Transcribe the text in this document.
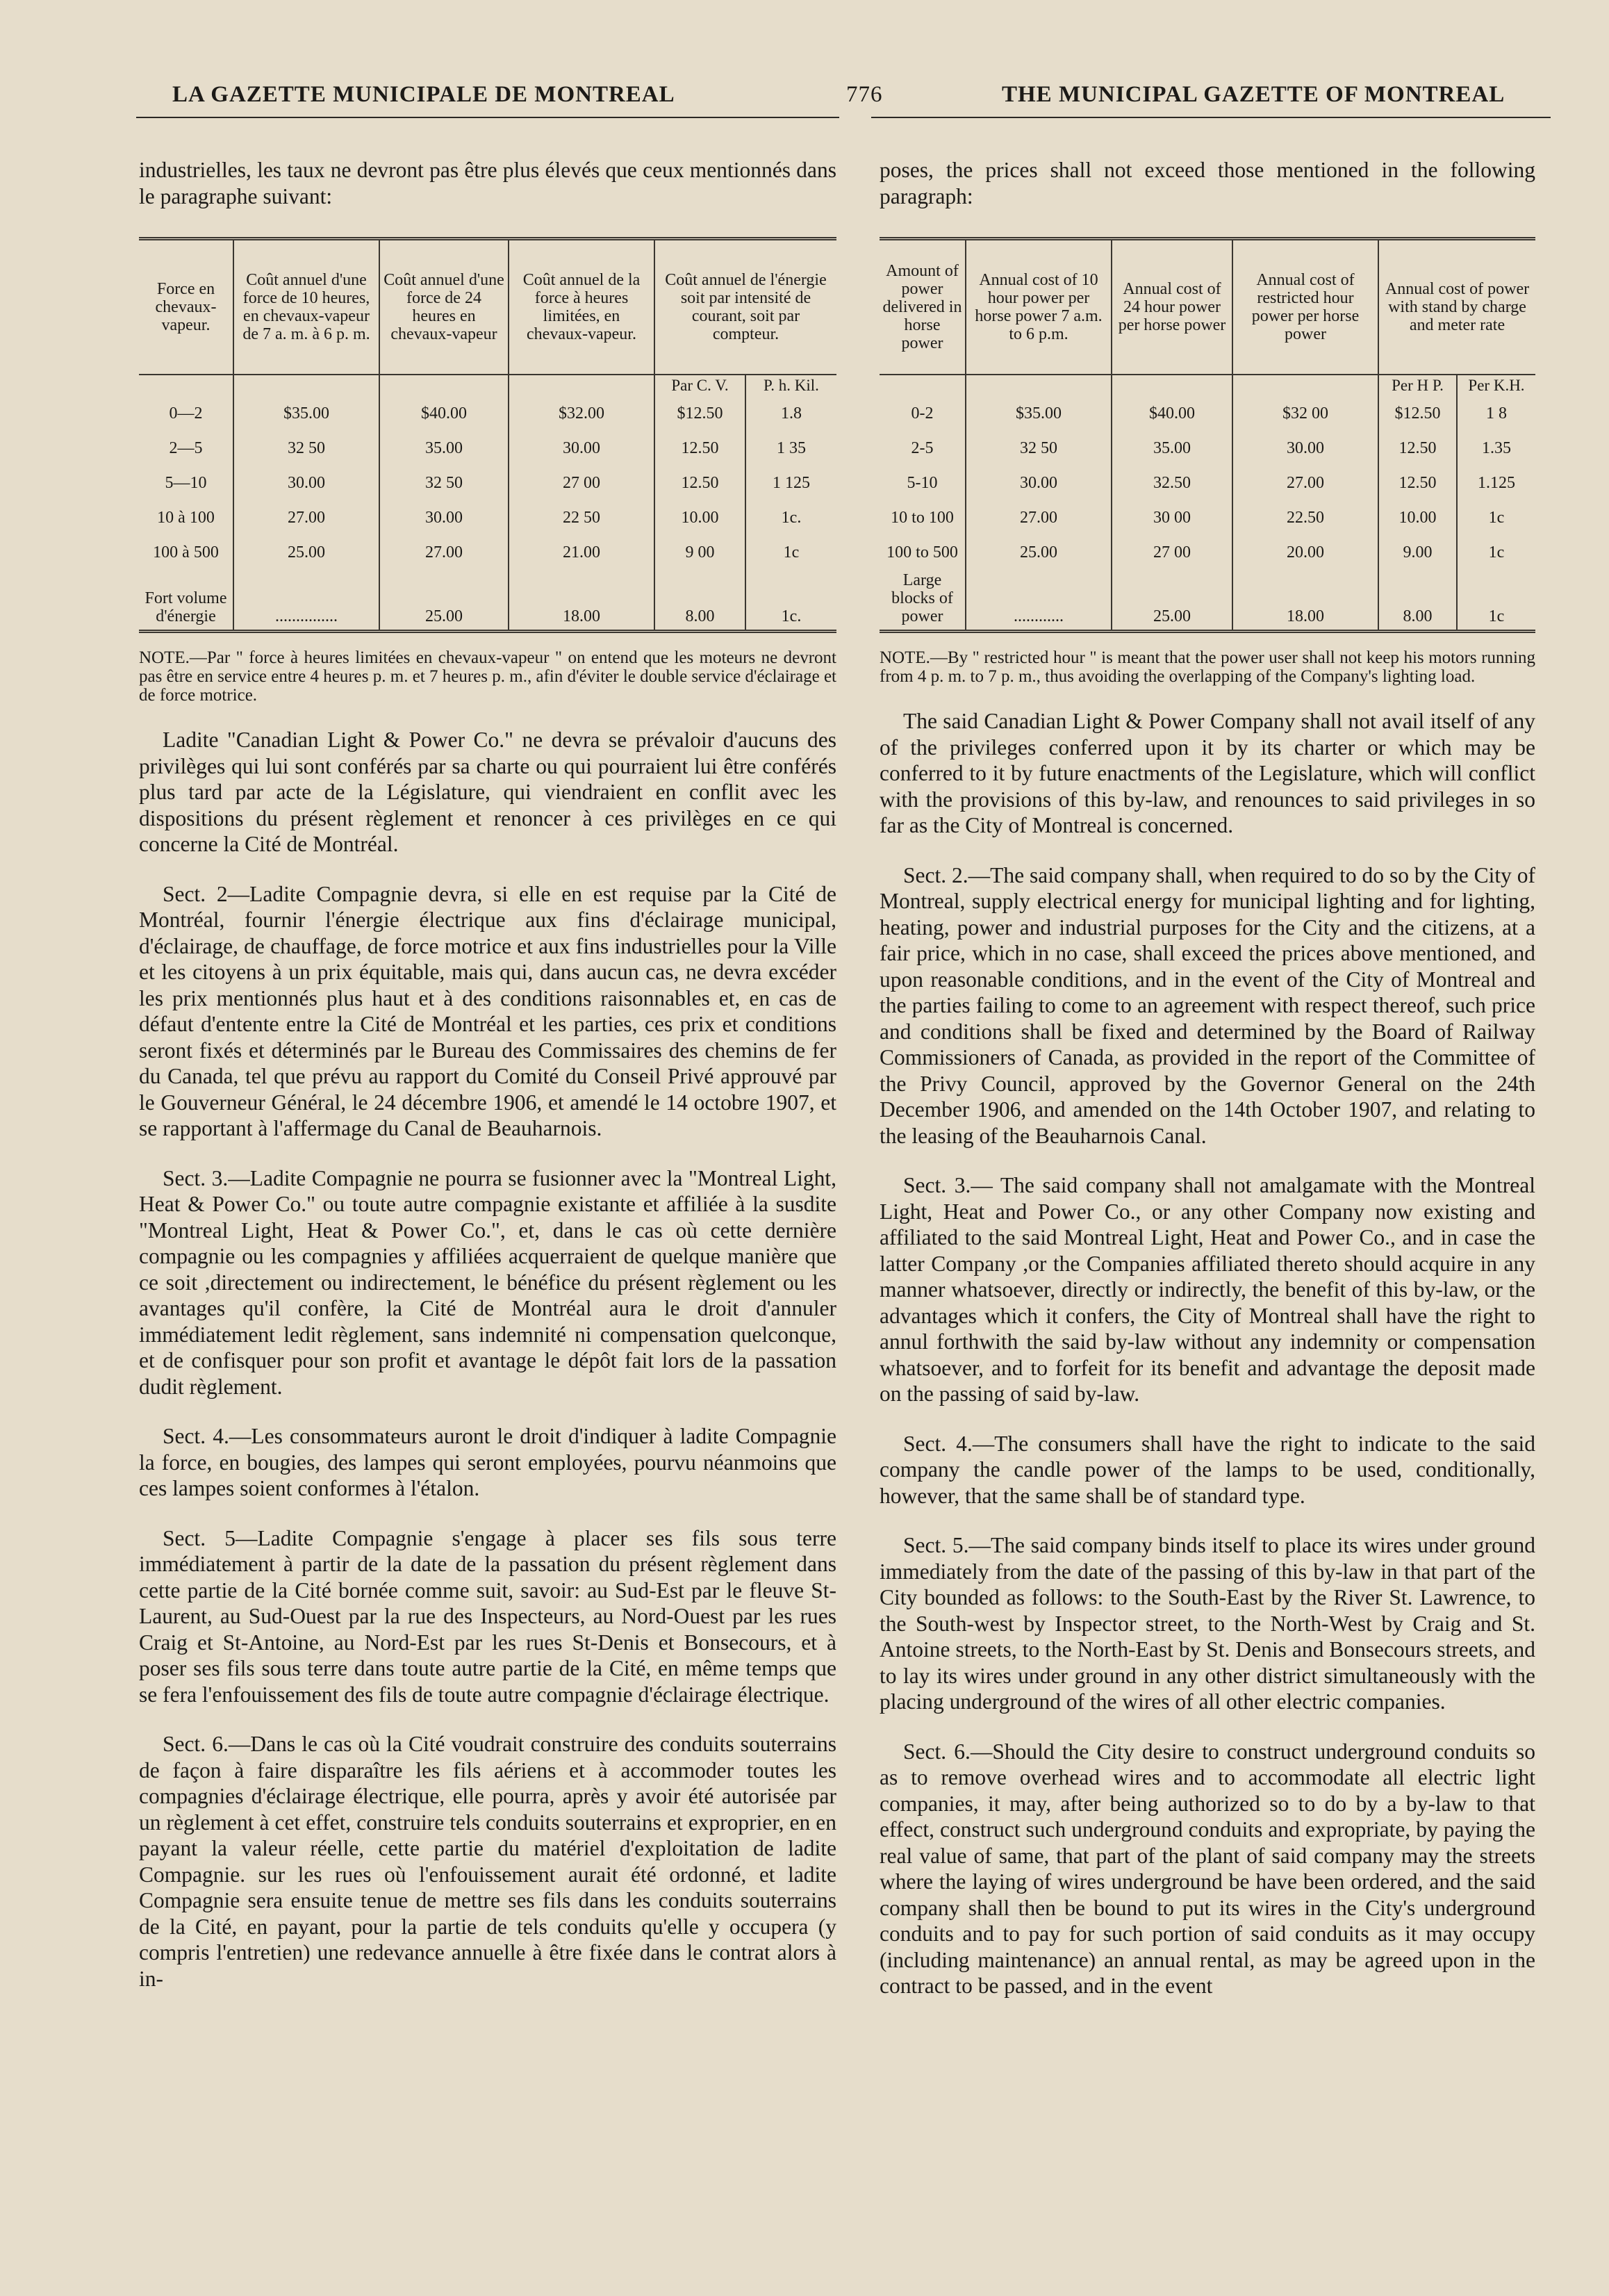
LA GAZETTE MUNICIPALE DE MONTREAL	776	THE MUNICIPAL GAZETTE OF MONTREAL

industrielles, les taux ne devront pas être plus élevés que ceux mentionnés dans le paragraphe suivant:

Force en chevaux-vapeur.	Coût annuel d'une force de 10 heures, en chevaux-vapeur de 7 a. m. à 6 p. m.	Coût annuel d'une force de 24 heures en chevaux-vapeur	Coût annuel de la force à heures limitées, en chevaux-vapeur.	Coût annuel de l'énergie soit par intensité de courant, soit par compteur.	
				Par C. V.	P. h. Kil.
0—2	$35.00	$40.00	$32.00	$12.50	1.8
2—5	32 50	35.00	30.00	12.50	1 35
5—10	30.00	32 50	27 00	12.50	1 125
10 à 100	27.00	30.00	22 50	10.00	1c.
100 à 500	25.00	27.00	21.00	9 00	1c
Fort volume d'énergie	...............	25.00	18.00	8.00	1c.
NOTE.—Par " force à heures limitées en chevaux-vapeur " on entend que les moteurs ne devront pas être en service entre 4 heures p. m. et 7 heures p. m., afin d'éviter le double service d'éclairage et de force motrice.

Ladite "Canadian Light & Power Co." ne devra se prévaloir d'aucuns des privilèges qui lui sont conférés par sa charte ou qui pourraient lui être conférés plus tard par acte de la Législature, qui viendraient en conflit avec les dispositions du présent règlement et renoncer à ces privilèges en ce qui concerne la Cité de Montréal.

Sect. 2—Ladite Compagnie devra, si elle en est requise par la Cité de Montréal, fournir l'énergie électrique aux fins d'éclairage municipal, d'éclairage, de chauffage, de force motrice et aux fins industrielles pour la Ville et les citoyens à un prix équitable, mais qui, dans aucun cas, ne devra excéder les prix mentionnés plus haut et à des conditions raisonnables et, en cas de défaut d'entente entre la Cité de Montréal et les parties, ces prix et conditions seront fixés et déterminés par le Bureau des Commissaires des chemins de fer du Canada, tel que prévu au rapport du Comité du Conseil Privé approuvé par le Gouverneur Général, le 24 décembre 1906, et amendé le 14 octobre 1907, et se rapportant à l'affermage du Canal de Beauharnois.

Sect. 3.—Ladite Compagnie ne pourra se fusionner avec la "Montreal Light, Heat & Power Co." ou toute autre compagnie existante et affiliée à la susdite "Montreal Light, Heat & Power Co.", et, dans le cas où cette dernière compagnie ou les compagnies y affiliées acquerraient de quelque manière que ce soit ,directement ou indirectement, le bénéfice du présent règlement ou les avantages qu'il confère, la Cité de Montréal aura le droit d'annuler immédiatement ledit règlement, sans indemnité ni compensation quelconque, et de confisquer pour son profit et avantage le dépôt fait lors de la passation dudit règlement.

Sect. 4.—Les consommateurs auront le droit d'indiquer à ladite Compagnie la force, en bougies, des lampes qui seront employées, pourvu néanmoins que ces lampes soient conformes à l'étalon.

Sect. 5—Ladite Compagnie s'engage à placer ses fils sous terre immédiatement à partir de la date de la passation du présent règlement dans cette partie de la Cité bornée comme suit, savoir: au Sud-Est par le fleuve St-Laurent, au Sud-Ouest par la rue des Inspecteurs, au Nord-Ouest par les rues Craig et St-Antoine, au Nord-Est par les rues St-Denis et Bonsecours, et à poser ses fils sous terre dans toute autre partie de la Cité, en même temps que se fera l'enfouissement des fils de toute autre compagnie d'éclairage électrique.

Sect. 6.—Dans le cas où la Cité voudrait construire des conduits souterrains de façon à faire disparaître les fils aériens et à accommoder toutes les compagnies d'éclairage électrique, elle pourra, après y avoir été autorisée par un règlement à cet effet, construire tels conduits souterrains et exproprier, en en payant la valeur réelle, cette partie du matériel d'exploitation de ladite Compagnie. sur les rues où l'enfouissement aurait été ordonné, et ladite Compagnie sera ensuite tenue de mettre ses fils dans les conduits souterrains de la Cité, en payant, pour la partie de tels conduits qu'elle y occupera (y compris l'entretien) une redevance annuelle à être fixée dans le contrat alors à in-

poses, the prices shall not exceed those mentioned in the following paragraph:

Amount of power delivered in horse power	Annual cost of 10 hour power per horse power 7 a.m. to 6 p.m.	Annual cost of 24 hour power per horse power	Annual cost of restricted hour power per horse power	Annual cost of power with stand by charge and meter rate	
				Per H P.	Per K.H.
0-2	$35.00	$40.00	$32 00	$12.50	1 8
2-5	32 50	35.00	30.00	12.50	1.35
5-10	30.00	32.50	27.00	12.50	1.125
10 to 100	27.00	30 00	22.50	10.00	1c
100 to 500	25.00	27 00	20.00	9.00	1c
Large blocks of power	............	25.00	18.00	8.00	1c
NOTE.—By " restricted hour " is meant that the power user shall not keep his motors running from 4 p. m. to 7 p. m., thus avoiding the overlapping of the Company's lighting load.

The said Canadian Light & Power Company shall not avail itself of any of the privileges conferred upon it by its charter or which may be conferred to it by future enactments of the Legislature, which will conflict with the provisions of this by-law, and renounces to said privileges in so far as the City of Montreal is concerned.

Sect. 2.—The said company shall, when required to do so by the City of Montreal, supply electrical energy for municipal lighting and for lighting, heating, power and industrial purposes for the City and the citizens, at a fair price, which in no case, shall exceed the prices above mentioned, and upon reasonable conditions, and in the event of the City of Montreal and the parties failing to come to an agreement with respect thereof, such price and conditions shall be fixed and determined by the Board of Railway Commissioners of Canada, as provided in the report of the Committee of the Privy Council, approved by the Governor General on the 24th December 1906, and amended on the 14th October 1907, and relating to the leasing of the Beauharnois Canal.

Sect. 3.— The said company shall not amalgamate with the Montreal Light, Heat and Power Co., or any other Company now existing and affiliated to the said Montreal Light, Heat and Power Co., and in case the latter Company ,or the Companies affiliated thereto should acquire in any manner whatsoever, directly or indirectly, the benefit of this by-law, or the advantages which it confers, the City of Montreal shall have the right to annul forthwith the said by-law without any indemnity or compensation whatsoever, and to forfeit for its benefit and advantage the deposit made on the passing of said by-law.

Sect. 4.—The consumers shall have the right to indicate to the said company the candle power of the lamps to be used, conditionally, however, that the same shall be of standard type.

Sect. 5.—The said company binds itself to place its wires under ground immediately from the date of the passing of this by-law in that part of the City bounded as follows: to the South-East by the River St. Lawrence, to the South-west by Inspector street, to the North-West by Craig and St. Antoine streets, to the North-East by St. Denis and Bonsecours streets, and to lay its wires under ground in any other district simultaneously with the placing underground of the wires of all other electric companies.

Sect. 6.—Should the City desire to construct underground conduits so as to remove overhead wires and to accommodate all electric light companies, it may, after being authorized so to do by a by-law to that effect, construct such underground conduits and expropriate, by paying the real value of same, that part of the plant of said company may the streets where the laying of wires underground be have been ordered, and the said company shall then be bound to put its wires in the City's underground conduits and to pay for such portion of said conduits as it may occupy (including maintenance) an annual rental, as may be agreed upon in the contract to be passed, and in the event
